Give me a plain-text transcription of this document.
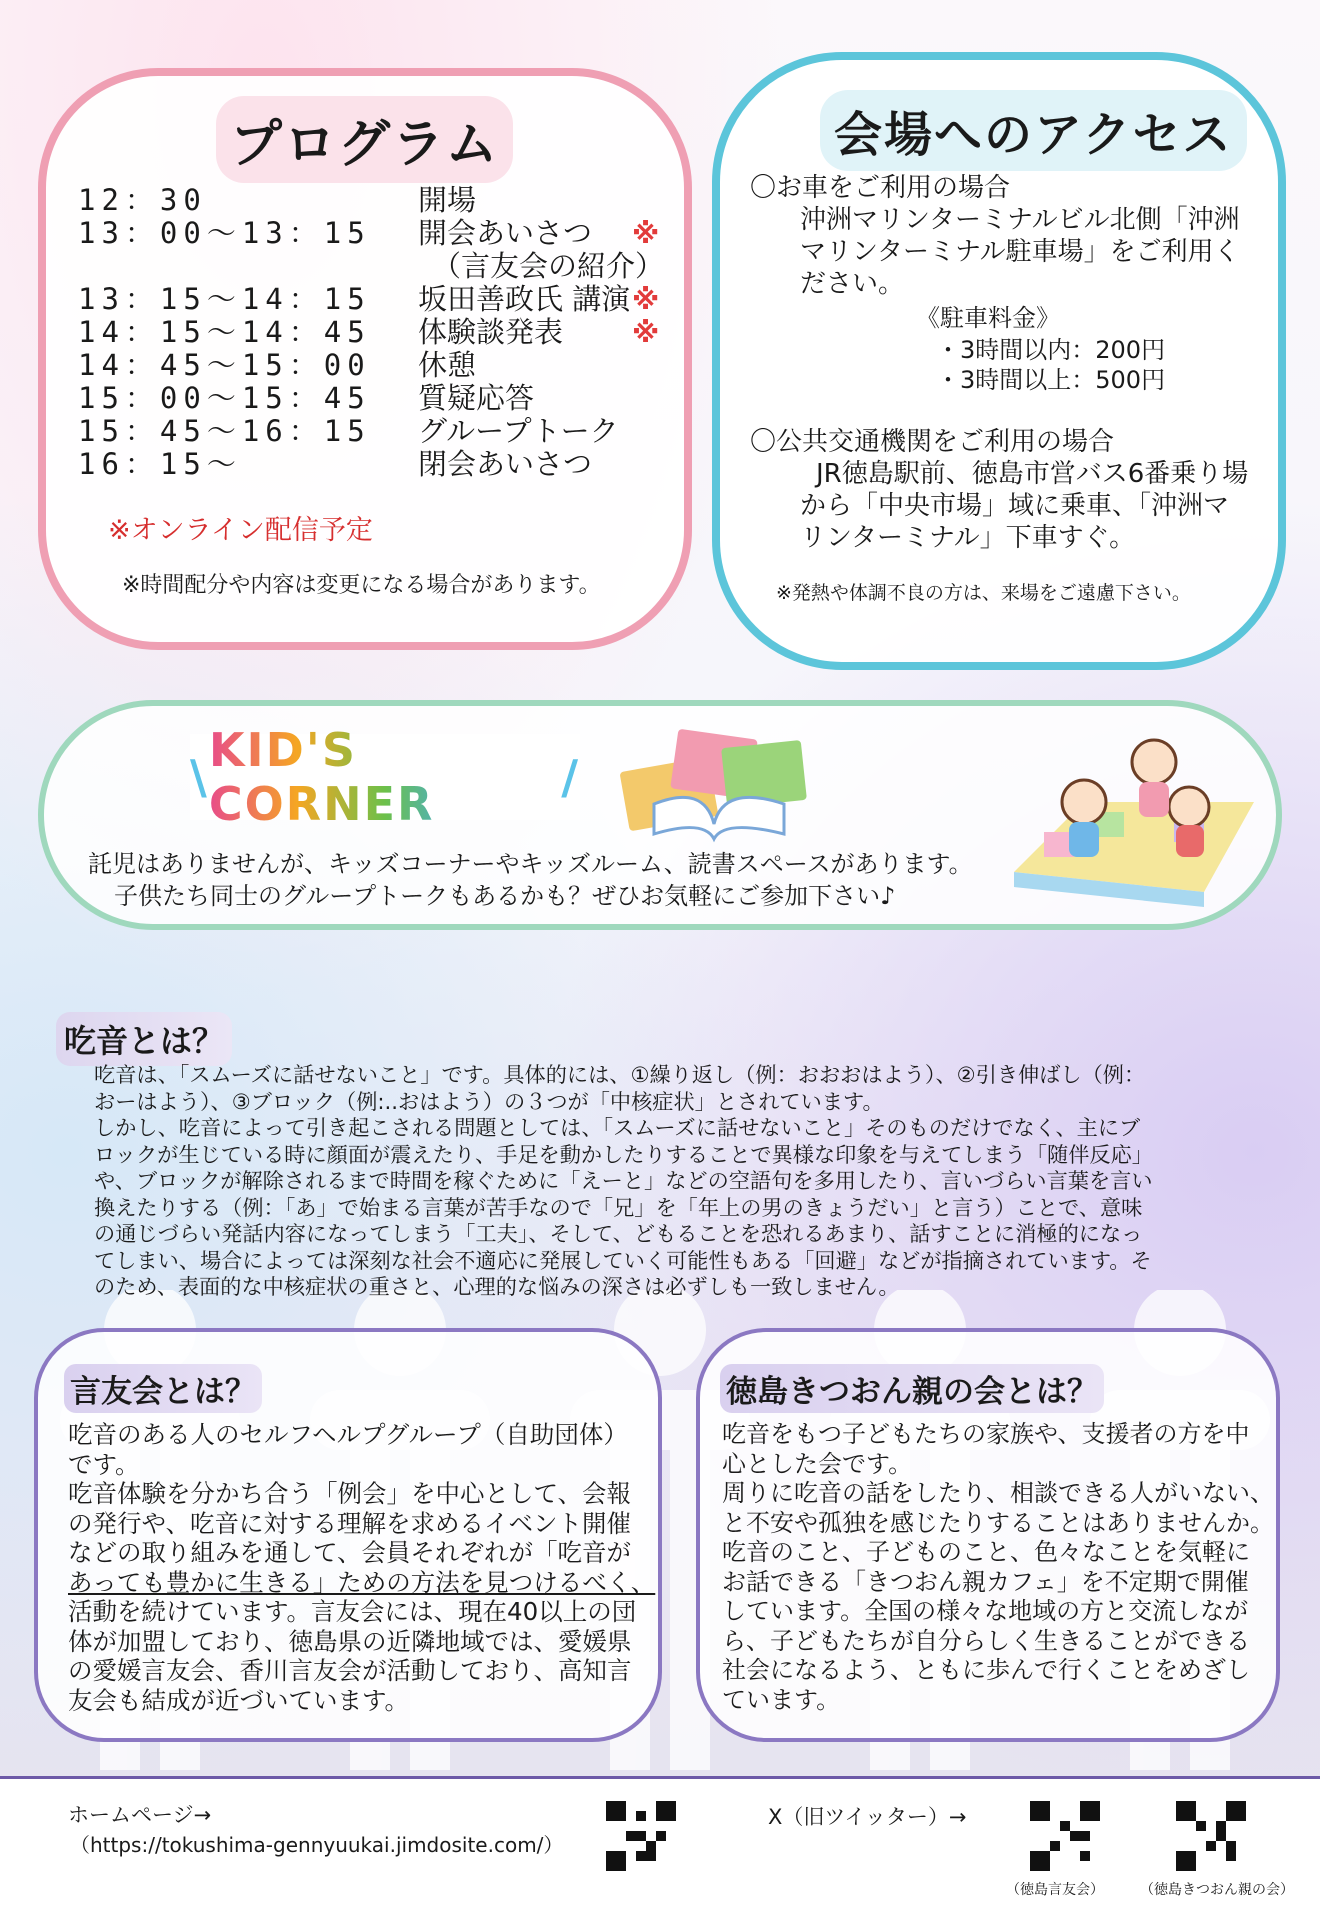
プログラム
12：30	開場
13：00～13：15 開会あいさつ ※
（言友会の紹介）
13：15～14：15 坂田善政氏 講演 ※
14：15～14：45 体験談発表 ※
14：45～15：00 休憩
15：00～15：45 質疑応答
15：45～16：15 グループトーク
16：15～	閉会あいさつ
※オンライン配信予定
※時間配分や内容は変更になる場合があります。
会場へのアクセス
〇お車をご利用の場合
沖洲マリンターミナルビル北側「沖洲
マリンターミナル駐車場」をご利用く
ださい。
《駐車料金》
・3時間以内：200円
・3時間以上：500円
〇公共交通機関をご利用の場合
JR徳島駅前、徳島市営バス6番乗り場
から「中央市場」域に乗車、「沖洲マ
リンターミナル」下車すぐ。
※発熱や体調不良の方は、来場をご遠慮下さい。
\ KID'S CORNER	/
託児はありませんが、キッズコーナーやキッズルーム、読書スペースがあります。
子供たち同士のグループトークもあるかも？ぜひお気軽にご参加下さい♪
吃音とは？

吃音は、「スムーズに話せないこと」です。具体的には、①繰り返し（例：おおおはよう）、②引き伸ばし（例：

おーはよう）、③ブロック（例:..おはよう）の３つが「中核症状」とされています。

しかし、吃音によって引き起こされる問題としては、「スムーズに話せないこと」そのものだけでなく、主にブ

ロックが生じている時に顔面が震えたり、手足を動かしたりすることで異様な印象を与えてしまう「随伴反応」

や、ブロックが解除されるまで時間を稼ぐために「えーと」などの空語句を多用したり、言いづらい言葉を言い

換えたりする（例：「あ」で始まる言葉が苦手なので「兄」を「年上の男のきょうだい」と言う）ことで、意味

の通じづらい発話内容になってしまう「工夫」、そして、どもることを恐れるあまり、話すことに消極的になっ

てしまい、場合によっては深刻な社会不適応に発展していく可能性もある「回避」などが指摘されています。そ

のため、表面的な中核症状の重さと、心理的な悩みの深さは必ずしも一致しません。

言友会とは？
吃音のある人のセルフヘルプグループ（自助団体）
です。
吃音体験を分かち合う「例会」を中心として、会報
の発行や、吃音に対する理解を求めるイベント開催
などの取り組みを通して、会員それぞれが「吃音が
あっても豊かに生きる」ための方法を見つけるべく、
活動を続けています。言友会には、現在40以上の団
体が加盟しており、徳島県の近隣地域では、愛媛県
の愛媛言友会、香川言友会が活動しており、高知言
友会も結成が近づいています。
徳島きつおん親の会とは？
吃音をもつ子どもたちの家族や、支援者の方を中
心とした会です。
周りに吃音の話をしたり、相談できる人がいない、
と不安や孤独を感じたりすることはありませんか。
吃音のこと、子どものこと、色々なことを気軽に
お話できる「きつおん親カフェ」を不定期で開催
しています。全国の様々な地域の方と交流しなが
ら、子どもたちが自分らしく生きることができる
社会になるよう、ともに歩んで行くことをめざし
ています。
ホームページ→
（https://tokushima-gennyuukai.jimdosite.com/）
X（旧ツイッター）→
（徳島言友会）	（徳島きつおん親の会）
